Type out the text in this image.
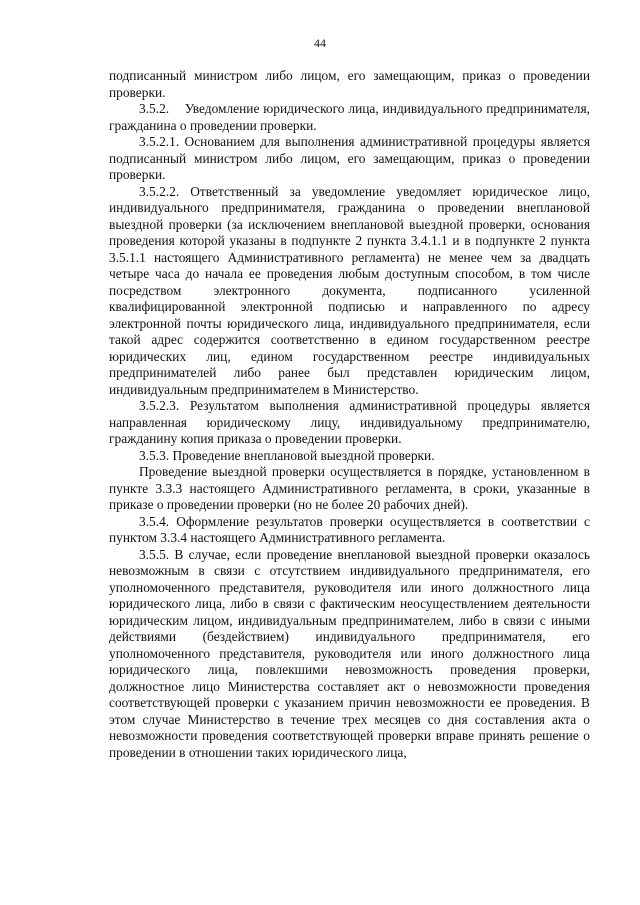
44

подписанный министром либо лицом, его замещающим, приказ о проведении проверки.

3.5.2.    Уведомление юридического лица, индивидуального предпринимателя, гражданина о проведении проверки.

3.5.2.1. Основанием для выполнения административной процедуры является подписанный министром либо лицом, его замещающим, приказ о проведении проверки.

3.5.2.2. Ответственный за уведомление уведомляет юридическое лицо, индивидуального предпринимателя, гражданина о проведении внеплановой выездной проверки (за исключением внеплановой выездной проверки, основания проведения которой указаны в подпункте 2 пункта 3.4.1.1 и в подпункте 2 пункта 3.5.1.1 настоящего Административного регламента) не менее чем за двадцать четыре часа до начала ее проведения любым доступным способом, в том числе посредством электронного документа, подписанного усиленной квалифицированной электронной подписью и направленного по адресу электронной почты юридического лица, индивидуального предпринимателя, если такой адрес содержится соответственно в едином государственном реестре юридических лиц, едином государственном реестре индивидуальных предпринимателей либо ранее был представлен юридическим лицом, индивидуальным предпринимателем в Министерство.

3.5.2.3. Результатом выполнения административной процедуры является направленная юридическому лицу, индивидуальному предпринимателю, гражданину копия приказа о проведении проверки.

3.5.3. Проведение внеплановой выездной проверки.

Проведение выездной проверки осуществляется в порядке, установленном в пункте 3.3.3 настоящего Административного регламента, в сроки, указанные в приказе о проведении проверки (но не более 20 рабочих дней).

3.5.4. Оформление результатов проверки осуществляется в соответствии с пунктом 3.3.4 настоящего Административного регламента.

3.5.5. В случае, если проведение внеплановой выездной проверки оказалось невозможным в связи с отсутствием индивидуального предпринимателя, его уполномоченного представителя, руководителя или иного должностного лица юридического лица, либо в связи с фактическим неосуществлением деятельности юридическим лицом, индивидуальным предпринимателем, либо в связи с иными действиями (бездействием) индивидуального предпринимателя, его уполномоченного представителя, руководителя или иного должностного лица юридического лица, повлекшими невозможность проведения проверки, должностное лицо Министерства составляет акт о невозможности проведения соответствующей проверки с указанием причин невозможности ее проведения. В этом случае Министерство в течение трех месяцев со дня составления акта о невозможности проведения соответствующей проверки вправе принять решение о проведении в отношении таких юридического лица,
